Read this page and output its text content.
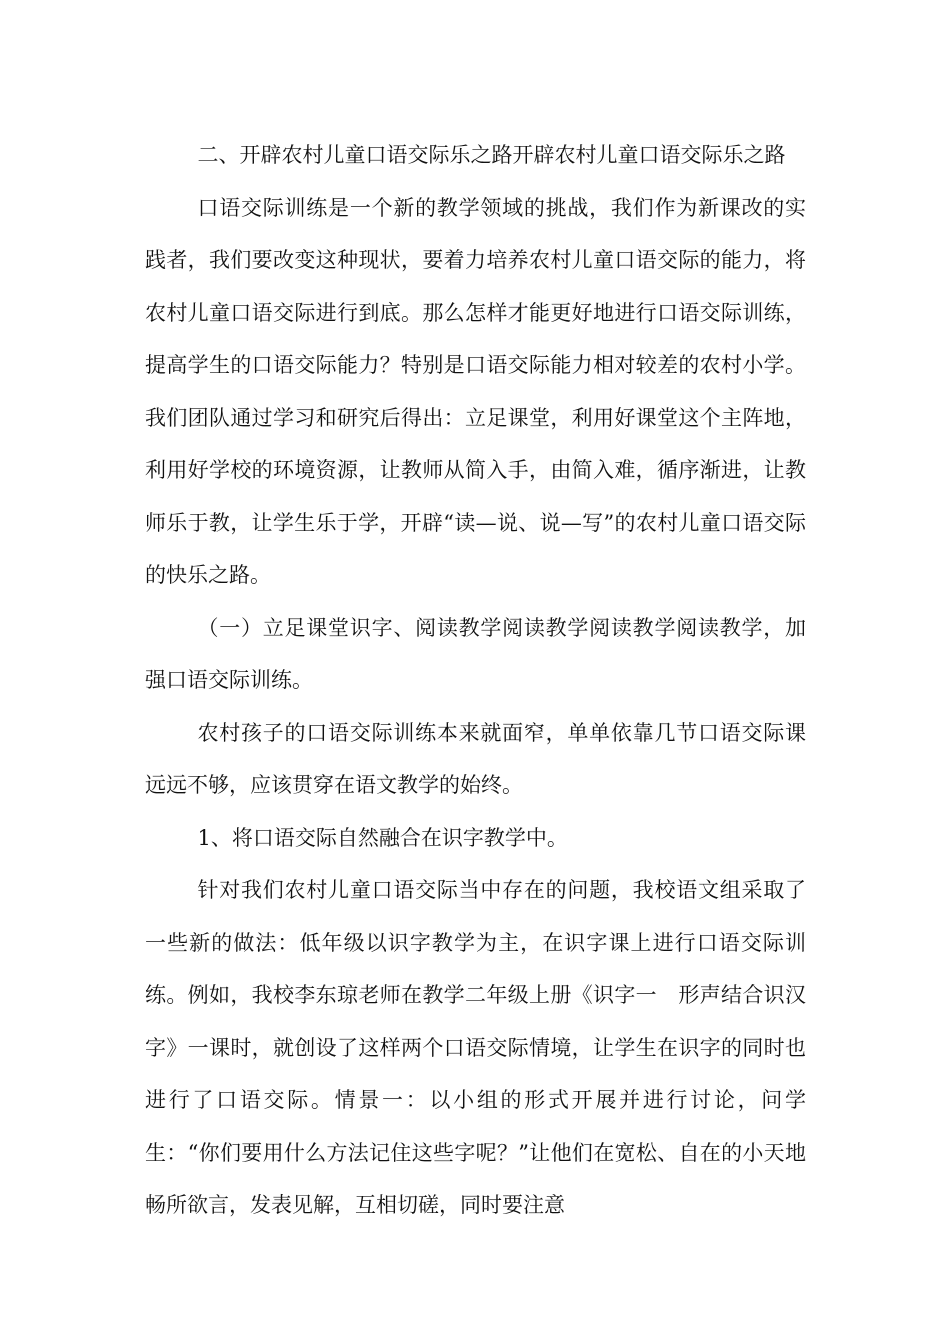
二、开辟农村儿童口语交际乐之路开辟农村儿童口语交际乐之路

口语交际训练是一个新的教学领域的挑战，我们作为新课改的实践者，我们要改变这种现状，要着力培养农村儿童口语交际的能力，将农村儿童口语交际进行到底。那么怎样才能更好地进行口语交际训练，提高学生的口语交际能力？特别是口语交际能力相对较差的农村小学。我们团队通过学习和研究后得出：立足课堂，利用好课堂这个主阵地，利用好学校的环境资源，让教师从简入手，由简入难，循序渐进，让教师乐于教，让学生乐于学，开辟“读—说、说—写”的农村儿童口语交际的快乐之路。

（一）立足课堂识字、阅读教学阅读教学阅读教学阅读教学，加强口语交际训练。

农村孩子的口语交际训练本来就面窄，单单依靠几节口语交际课远远不够，应该贯穿在语文教学的始终。

1、将口语交际自然融合在识字教学中。

针对我们农村儿童口语交际当中存在的问题，我校语文组采取了一些新的做法：低年级以识字教学为主，在识字课上进行口语交际训练。例如，我校李东琼老师在教学二年级上册《识字一　形声结合识汉字》一课时，就创设了这样两个口语交际情境，让学生在识字的同时也进行了口语交际。情景一：以小组的形式开展并进行讨论，问学生：“你们要用什么方法记住这些字呢？”让他们在宽松、自在的小天地畅所欲言，发表见解，互相切磋，同时要注意
